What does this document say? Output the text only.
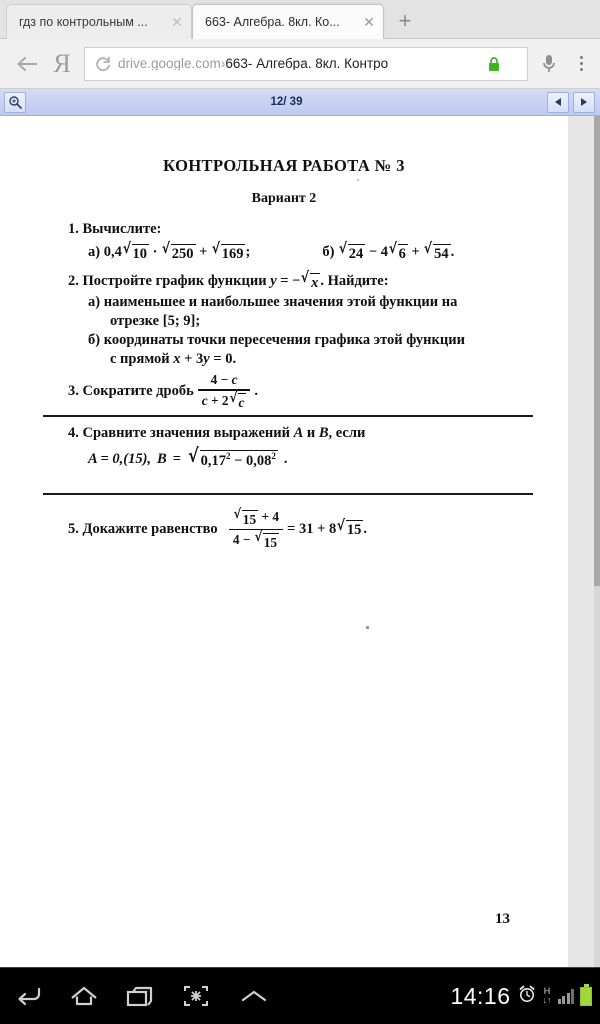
гдз по контрольным ...	✕	663- Алгебра. 8кл. Ко...	✕	+
Я	drive.google.com›663- Алгебра. 8кл. Контро
12/ 39
КОНТРОЛЬНАЯ РАБОТА № 3
Вариант 2
1. Вычислите:
а) 0,4 √ 10 · √ 250 + √ 169 ;	б) √ 24 − 4 √ 6 + √ 54 .
2. Постройте график функции y = − √ x . Найдите:
а) наименьшее и наибольшее значения этой функции на
отрезке [5; 9];
б) координаты точки пересечения графика этой функции
с прямой x + 3y = 0.
3.
Сократите дробь $\frac{4 - c}{c + 2 √ c}$ .
4. Сравните значения выражений A и B, если
A = 0,(15), B = √ $0,17^2 - 0,08^2$ .
5.
Докажите равенство
$\frac{√ 15 + 4}{4 - √ 15}$ =
31 + 8 √ 15 .
13
14:16	H
↓↑
